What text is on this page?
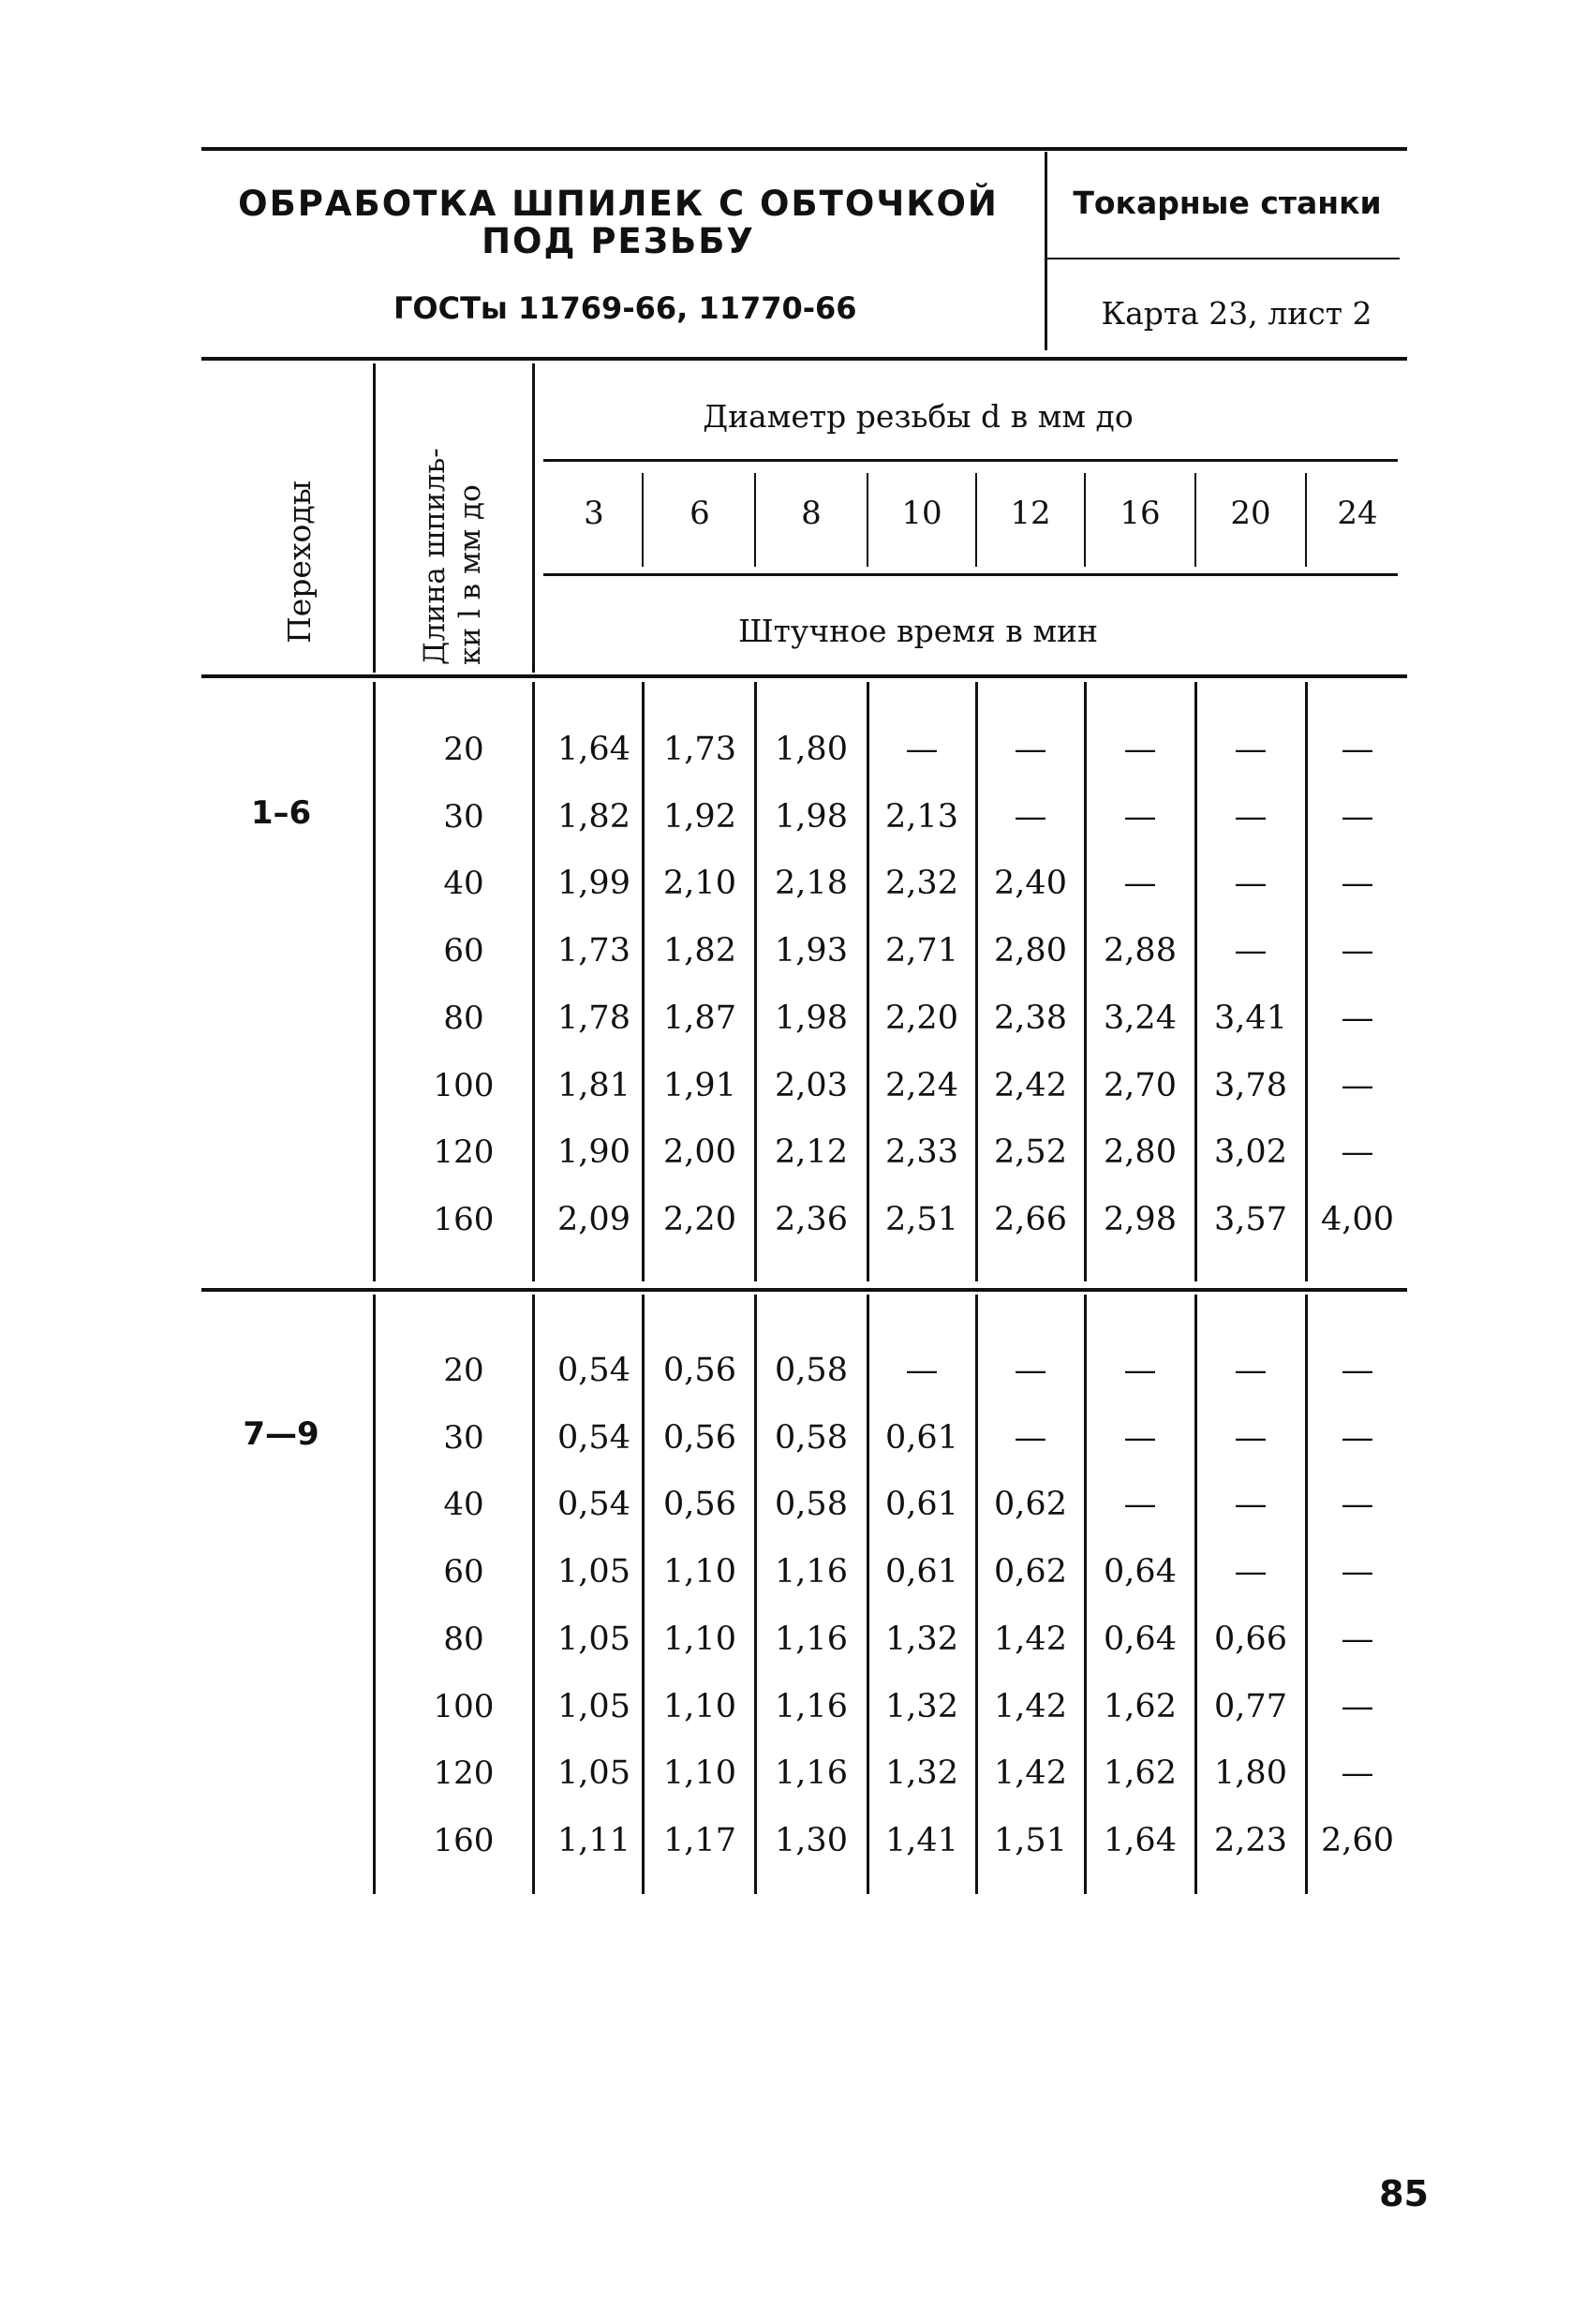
ОБРАБОТКА ШПИЛЕК С ОБТОЧКОЙ
ПОД РЕЗЬБУ
ГОСТы 11769-66, 11770-66
Токарные станки
Карта 23, лист 2
Переходы	Длина шпиль-ки l в мм до
Диаметр резьбы d в мм до
3	6	8	10	12	16	20	24
Штучное время в мин
1–6
20	1,64	1,73	1,80	—	—	—	—	—
30	1,82	1,92	1,98	2,13	—	—	—	—
40	1,99	2,10	2,18	2,32	2,40	—	—	—
60	1,73	1,82	1,93	2,71	2,80	2,88	—	—
80	1,78	1,87	1,98	2,20	2,38	3,24	3,41	—
100	1,81	1,91	2,03	2,24	2,42	2,70	3,78	—
120	1,90	2,00	2,12	2,33	2,52	2,80	3,02	—
160	2,09	2,20	2,36	2,51	2,66	2,98	3,57	4,00
7—9
20	0,54	0,56	0,58	—	—	—	—	—
30	0,54	0,56	0,58	0,61	—	—	—	—
40	0,54	0,56	0,58	0,61	0,62	—	—	—
60	1,05	1,10	1,16	0,61	0,62	0,64	—	—
80	1,05	1,10	1,16	1,32	1,42	0,64	0,66	—
100	1,05	1,10	1,16	1,32	1,42	1,62	0,77	—
120	1,05	1,10	1,16	1,32	1,42	1,62	1,80	—
160	1,11	1,17	1,30	1,41	1,51	1,64	2,23	2,60
85
